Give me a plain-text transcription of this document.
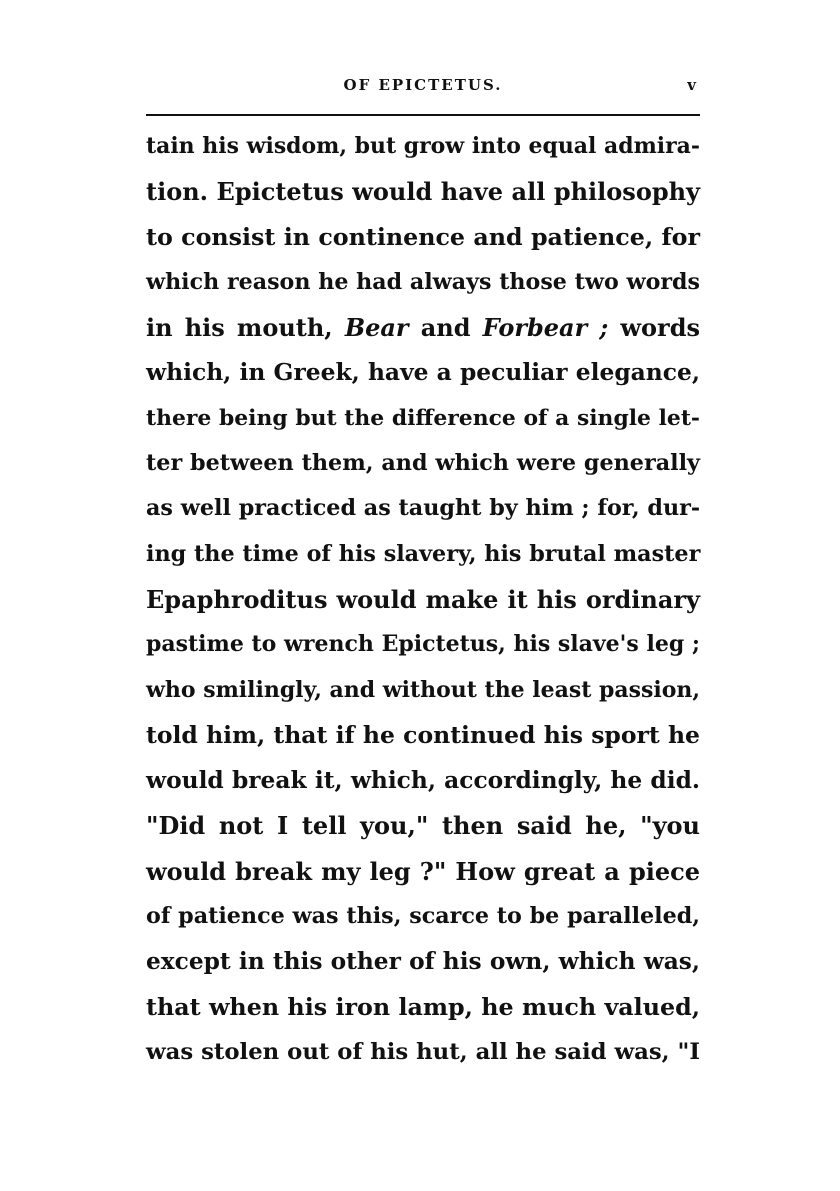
OF EPICTETUS.	v
tain his wisdom, but grow into equal admira-
tion. Epictetus would have all philosophy
to consist in continence and patience, for
which reason he had always those two words
in his mouth, Bear and Forbear ; words
which, in Greek, have a peculiar elegance,
there being but the difference of a single let-
ter between them, and which were generally
as well practiced as taught by him ; for, dur-
ing the time of his slavery, his brutal master
Epaphroditus would make it his ordinary
pastime to wrench Epictetus, his slave's leg ;
who smilingly, and without the least passion,
told him, that if he continued his sport he
would break it, which, accordingly, he did.
"Did not I tell you," then said he, "you
would break my leg ?" How great a piece
of patience was this, scarce to be paralleled,
except in this other of his own, which was,
that when his iron lamp, he much valued,
was stolen out of his hut, all he said was, "I
